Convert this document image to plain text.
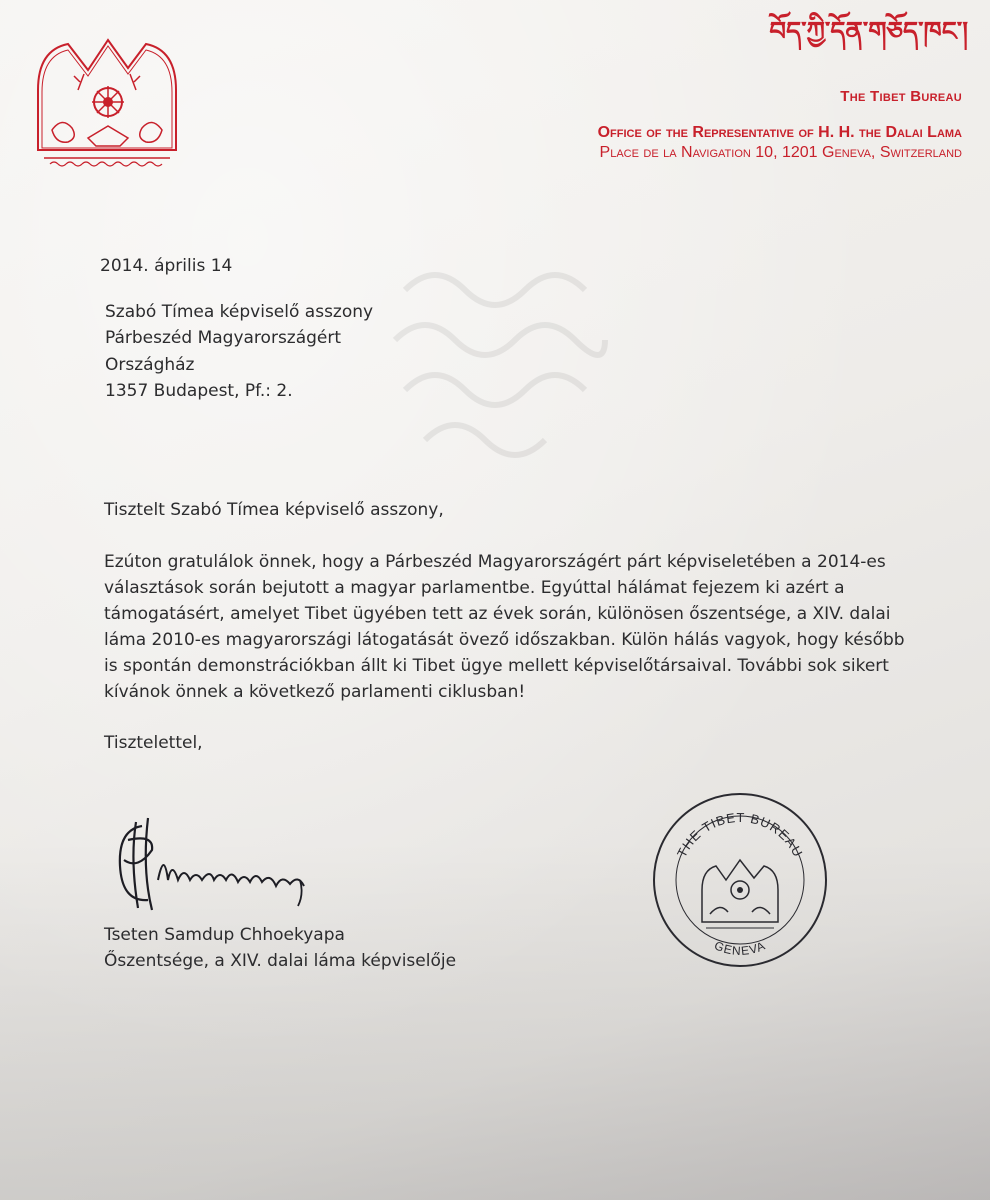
བོད་ཀྱི་དོན་གཅོད་ཁང་།
The Tibet Bureau
Office of the Representative of H. H. the Dalai Lama
Place de la Navigation 10, 1201 Geneva, Switzerland
2014. április 14
Szabó Tímea képviselő asszony
Párbeszéd Magyarországért
Országház
1357 Budapest, Pf.: 2.
Tisztelt Szabó Tímea képviselő asszony,
Ezúton gratulálok önnek, hogy a Párbeszéd Magyarországért párt képviseletében a 2014-es
választások során bejutott a magyar parlamentbe. Egyúttal hálámat fejezem ki azért a
támogatásért, amelyet Tibet ügyében tett az évek során, különösen őszentsége, a XIV. dalai
láma 2010-es magyarországi látogatását övező időszakban. Külön hálás vagyok, hogy később
is spontán demonstrációkban állt ki Tibet ügye mellett képviselőtársaival. További sok sikert
kívánok önnek a következő parlamenti ciklusban!
Tisztelettel,
Tseten Samdup Chhoekyapa
Őszentsége, a XIV. dalai láma képviselője
THE TIBET BUREAU
GENEVA
